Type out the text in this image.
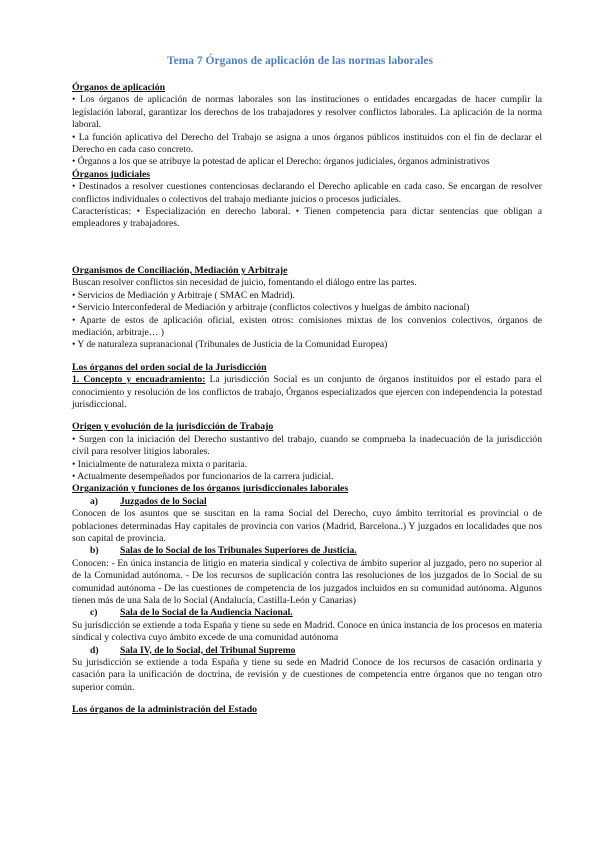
Tema 7 Órganos de aplicación de las normas laborales

Órganos de aplicación

• Los órganos de aplicación de normas laborales son las instituciones o entidades encargadas de hacer cumplir la legislación laboral, garantizar los derechos de los trabajadores y resolver conflictos laborales. La aplicación de la norma laboral.

• La función aplicativa del Derecho del Trabajo se asigna a unos órganos públicos instituidos con el fin de declarar el Derecho en cada caso concreto.

• Órganos a los que se atribuye la potestad de aplicar el Derecho: órganos judiciales, órganos administrativos

Órganos judiciales

• Destinados a resolver cuestiones contenciosas declarando el Derecho aplicable en cada caso. Se encargan de resolver conflictos individuales o colectivos del trabajo mediante juicios o procesos judiciales.

Características: • Especialización en derecho laboral. • Tienen competencia para dictar sentencias que obligan a empleadores y trabajadores.

Organismos de Conciliación, Mediación y Arbitraje

Buscan resolver conflictos sin necesidad de juicio, fomentando el diálogo entre las partes.

• Servicios de Mediación y Arbitraje ( SMAC en Madrid).

• Servicio Interconfederal de Mediación y arbitraje (conflictos colectivos y huelgas de ámbito nacional)

• Aparte de estos de aplicación oficial, existen otros: comisiones mixtas de los convenios colectivos, órganos de mediación, arbitraje… )

• Y de naturaleza supranacional (Tribunales de Justicia de la Comunidad Europea)

Los órganos del orden social de la Jurisdicción

1. Concepto y encuadramiento: La jurisdicción Social es un conjunto de órganos instituidos por el estado para el conocimiento y resolución de los conflictos de trabajo, Órganos especializados que ejercen con independencia la potestad jurisdiccional.

Origen y evolución de la jurisdicción de Trabajo

• Surgen con la iniciación del Derecho sustantivo del trabajo, cuando se comprueba la inadecuación de la jurisdicción civil para resolver litigios laborales.

• Inicialmente de naturaleza mixta o paritaria.

• Actualmente desempeñados por funcionarios de la carrera judicial.

Organización y funciones de los órganos jurisdiccionales laborales

a)	Juzgados de lo Social

Conocen de los asuntos que se suscitan en la rama Social del Derecho, cuyo ámbito territorial es provincial o de poblaciones determinadas Hay capitales de provincia con varios (Madrid, Barcelona..) Y juzgados en localidades que nos son capital de provincia.

b)	Salas de lo Social de los Tribunales Superiores de Justicia.

Conocen: - En única instancia de litigio en materia sindical y colectiva de ámbito superior al juzgado, pero no superior al de la Comunidad autónoma. - De los recursos de suplicación contra las resoluciones de los juzgados de lo Social de su comunidad autónoma - De las cuestiones de competencia de los juzgados incluidos en su comunidad autónoma. Algunos tienen más de una Sala de lo Social (Andalucía, Castilla-León y Canarias)

c)	Sala de lo Social de la Audiencia Nacional.

Su jurisdicción se extiende a toda España y tiene su sede en Madrid. Conoce en única instancia de los procesos en materia sindical y colectiva cuyo ámbito excede de una comunidad autónoma

d)	Sala IV, de lo Social, del Tribunal Supremo

Su jurisdicción se extiende a toda España y tiene su sede en Madrid Conoce de los recursos de casación ordinaria y casación para la unificación de doctrina, de revisión y de cuestiones de competencia entre órganos que no tengan otro superior común.

Los órganos de la administración del Estado
